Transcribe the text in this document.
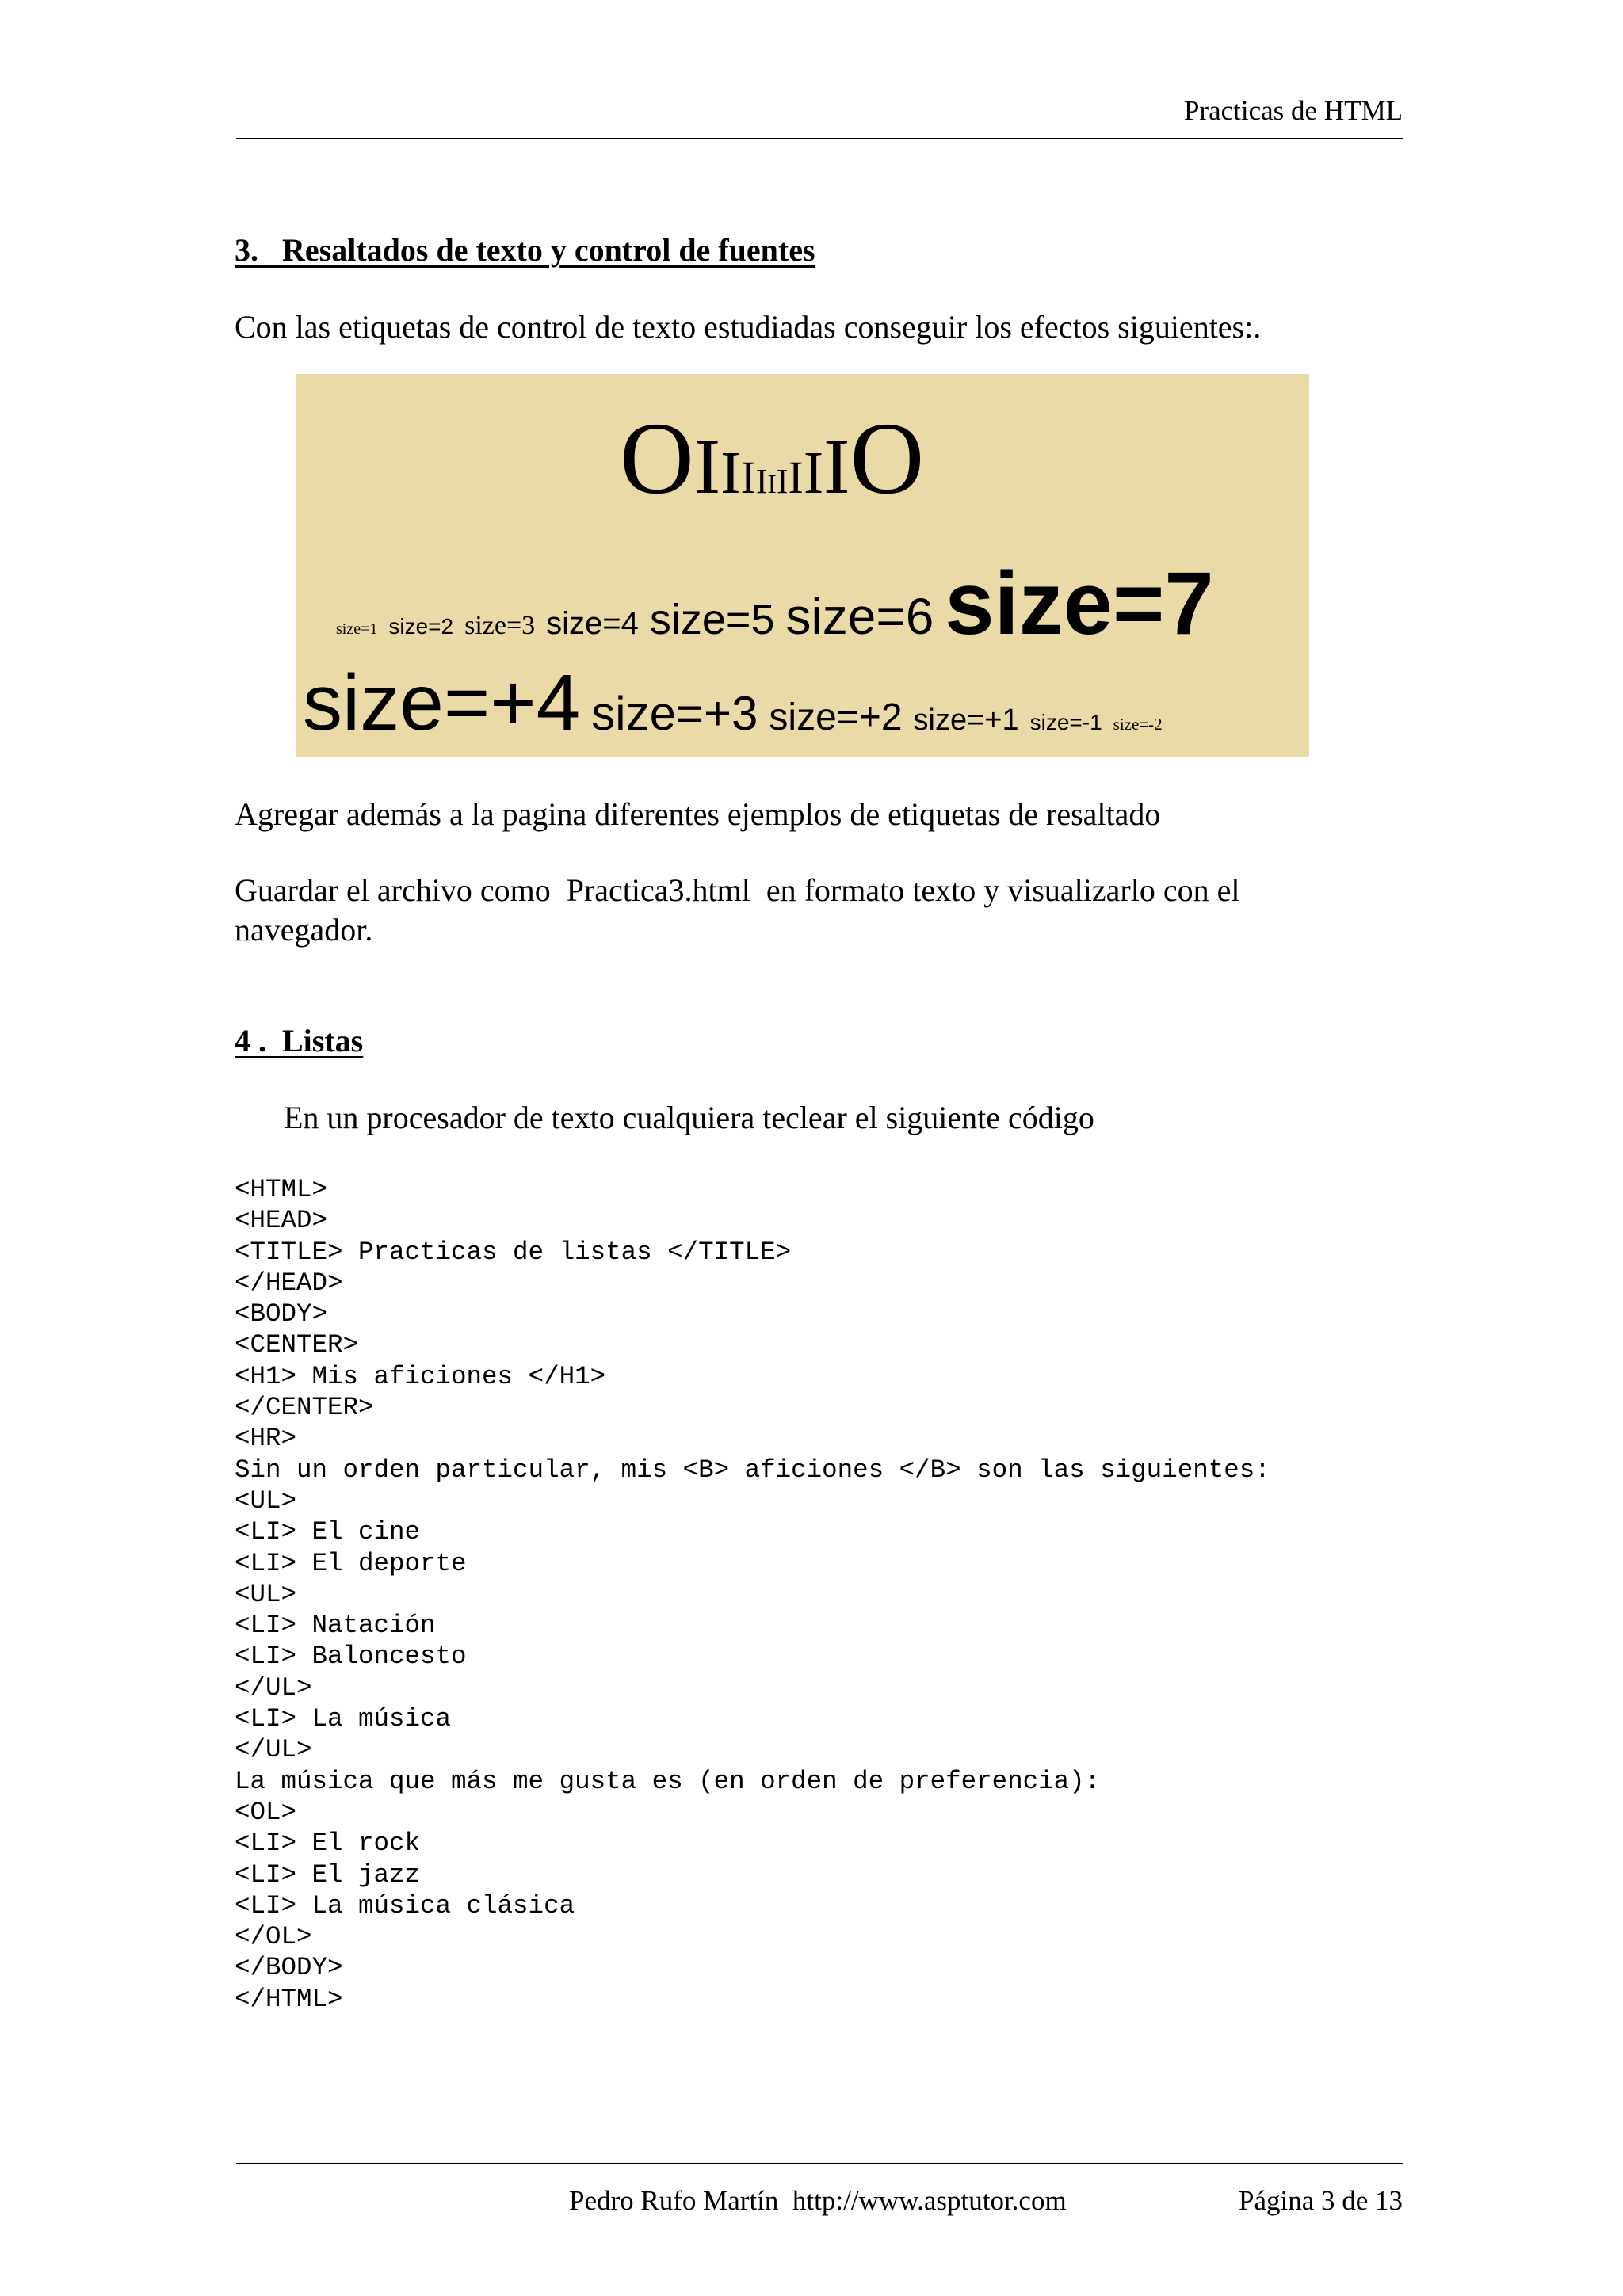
Practicas de HTML
3.   Resaltados de texto y control de fuentes
Con las etiquetas de control de texto estudiadas conseguir los efectos siguientes:.
OIIIIIIIIIO
size=1 size=2 size=3 size=4 size=5 size=6 size=7
size=+4 size=+3 size=+2 size=+1 size=-1 size=-2
Agregar además a la pagina diferentes ejemplos de etiquetas de resaltado
Guardar el archivo como  Practica3.html  en formato texto y visualizarlo con el navegador.
4 .  Listas
En un procesador de texto cualquiera teclear el siguiente código
<HTML>
<HEAD>
<TITLE> Practicas de listas </TITLE>
</HEAD>
<BODY>
<CENTER>
<H1> Mis aficiones </H1>
</CENTER>
<HR>
Sin un orden particular, mis <B> aficiones </B> son las siguientes:
<UL>
<LI> El cine
<LI> El deporte
<UL>
<LI> Natación
<LI> Baloncesto
</UL>
<LI> La música
</UL>
La música que más me gusta es (en orden de preferencia):
<OL>
<LI> El rock
<LI> El jazz
<LI> La música clásica
</OL>
</BODY>
</HTML>
Pedro Rufo Martín  http://www.asptutor.com	Página 3 de 13
